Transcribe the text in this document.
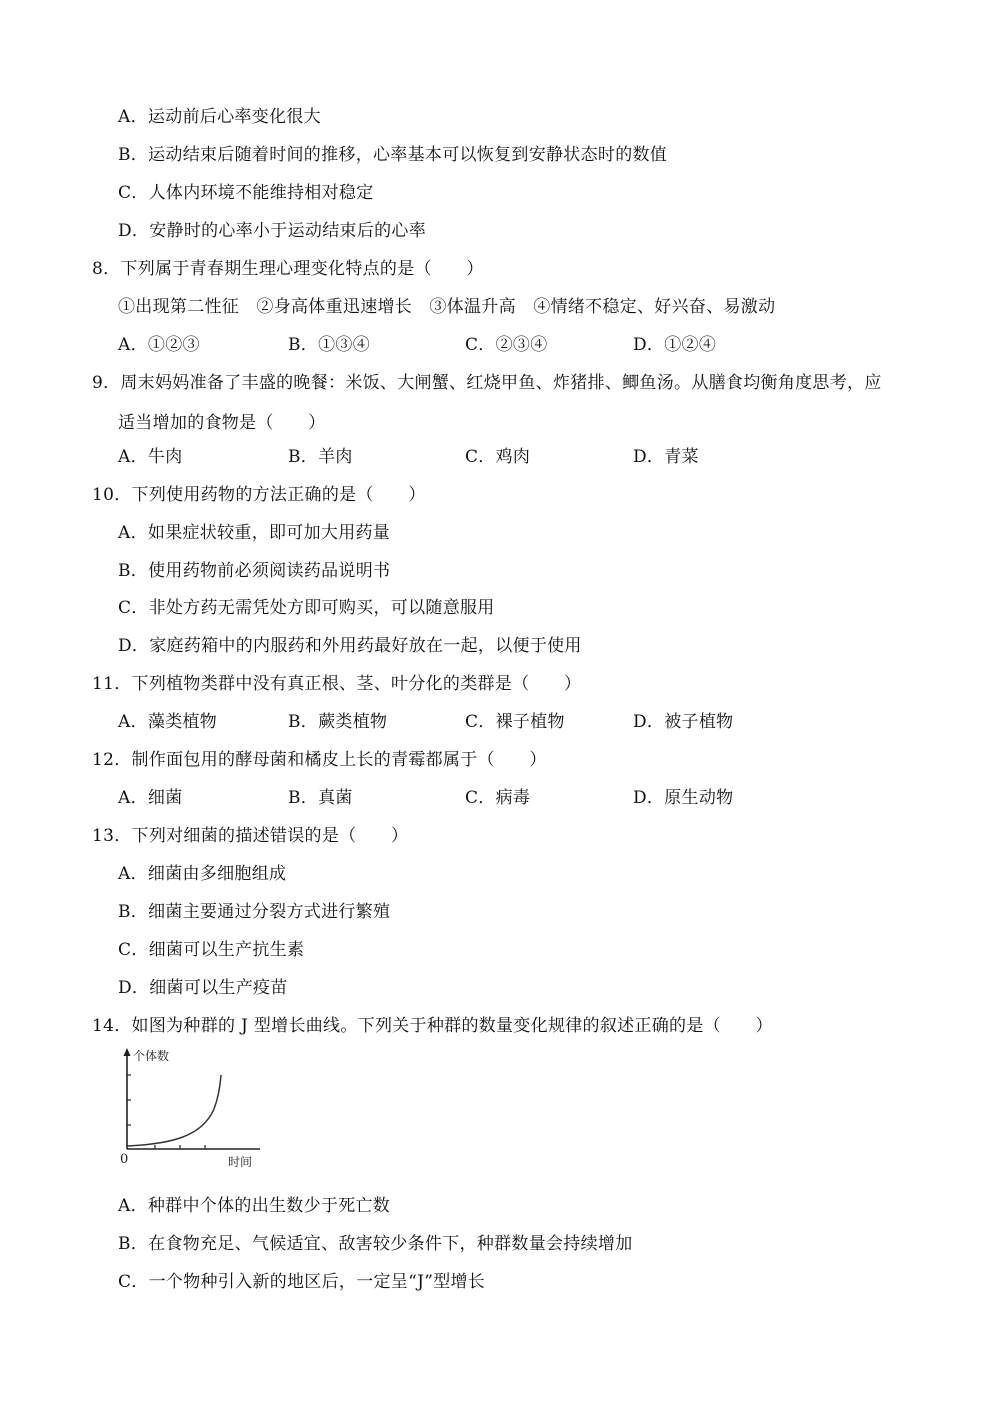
A．运动前后心率变化很大
B．运动结束后随着时间的推移，心率基本可以恢复到安静状态时的数值
C．人体内环境不能维持相对稳定
D．安静时的心率小于运动结束后的心率
8．下列属于青春期生理心理变化特点的是（　　）
①出现第二性征　②身高体重迅速增长　③体温升高　④情绪不稳定、好兴奋、易激动
A．①②③	B．①③④	C．②③④	D．①②④
9．周末妈妈准备了丰盛的晚餐：米饭、大闸蟹、红烧甲鱼、炸猪排、鲫鱼汤。从膳食均衡角度思考，应
适当增加的食物是（　　）
A．牛肉	B．羊肉	C．鸡肉	D．青菜
10．下列使用药物的方法正确的是（　　）
A．如果症状较重，即可加大用药量
B．使用药物前必须阅读药品说明书
C．非处方药无需凭处方即可购买，可以随意服用
D．家庭药箱中的内服药和外用药最好放在一起，以便于使用
11．下列植物类群中没有真正根、茎、叶分化的类群是（　　）
A．藻类植物	B．蕨类植物	C．裸子植物	D．被子植物
12．制作面包用的酵母菌和橘皮上长的青霉都属于（　　）
A．细菌	B．真菌	C．病毒	D．原生动物
13．下列对细菌的描述错误的是（　　）
A．细菌由多细胞组成
B．细菌主要通过分裂方式进行繁殖
C．细菌可以生产抗生素
D．细菌可以生产疫苗
14．如图为种群的 J 型增长曲线。下列关于种群的数量变化规律的叙述正确的是（　　）
个体数
0	时间
A．种群中个体的出生数少于死亡数
B．在食物充足、气候适宜、敌害较少条件下，种群数量会持续增加
C．一个物种引入新的地区后，一定呈“J”型增长
